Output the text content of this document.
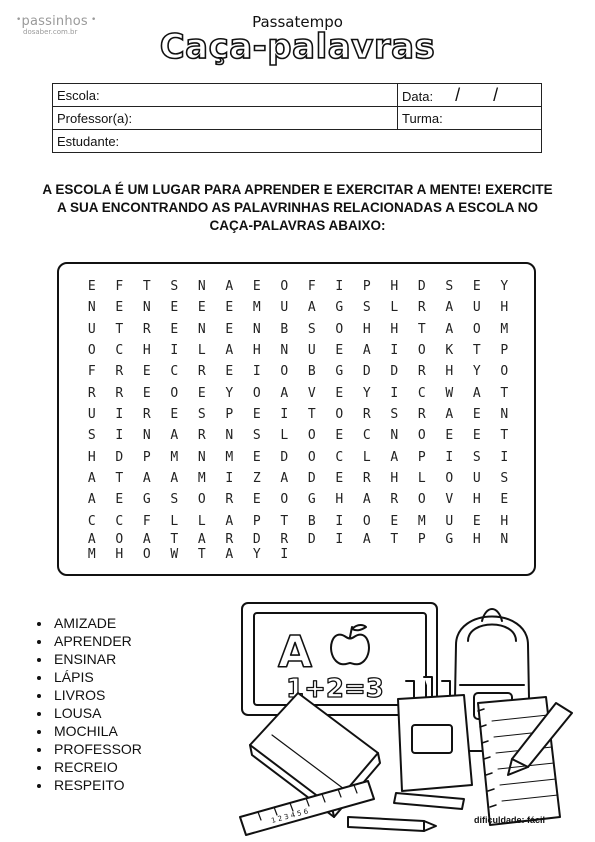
•passinhos •
dosaber.com.br
Passatempo
Caça-palavras
Escola:	Data: / /
Professor(a):	Turma:
Estudante:	
A ESCOLA É UM LUGAR PARA APRENDER E EXERCITAR A MENTE! EXERCITE A SUA ENCONTRANDO AS PALAVRINHAS RELACIONADAS A ESCOLA NO CAÇA-PALAVRAS ABAIXO:
E	F	T	S	N	A	E	O	F	I	P	H	D	S	E	Y
N	E	N	E	E	E	M	U	A	G	S	L	R	A	U	H
U	T	R	E	N	E	N	B	S	O	H	H	T	A	O	M
O	C	H	I	L	A	H	N	U	E	A	I	O	K	T	P
F	R	E	C	R	E	I	O	B	G	D	D	R	H	Y	O
R	R	E	O	E	Y	O	A	V	E	Y	I	C	W	A	T
U	I	R	E	S	P	E	I	T	O	R	S	R	A	E	N
S	I	N	A	R	N	S	L	O	E	C	N	O	E	E	T
H	D	P	M	N	M	E	D	O	C	L	A	P	I	S	I
A	T	A	A	M	I	Z	A	D	E	R	H	L	O	U	S
A	E	G	S	O	R	E	O	G	H	A	R	O	V	H	E
C	C	F	L	L	A	P	T	B	I	O	E	M	U	E	H
A	O	A	T	A	R	D	R	D	I	A	T	P	G	H	N
M	H	O	W	T	A	Y	I
• AMIZADE
• APRENDER
• ENSINAR
• LÁPIS
• LIVROS
• LOUSA
• MOCHILA
• PROFESSOR
• RECREIO
• RESPEITO
A
1+2=3
1 2 3 4 5 6	dificuldade: fácil
